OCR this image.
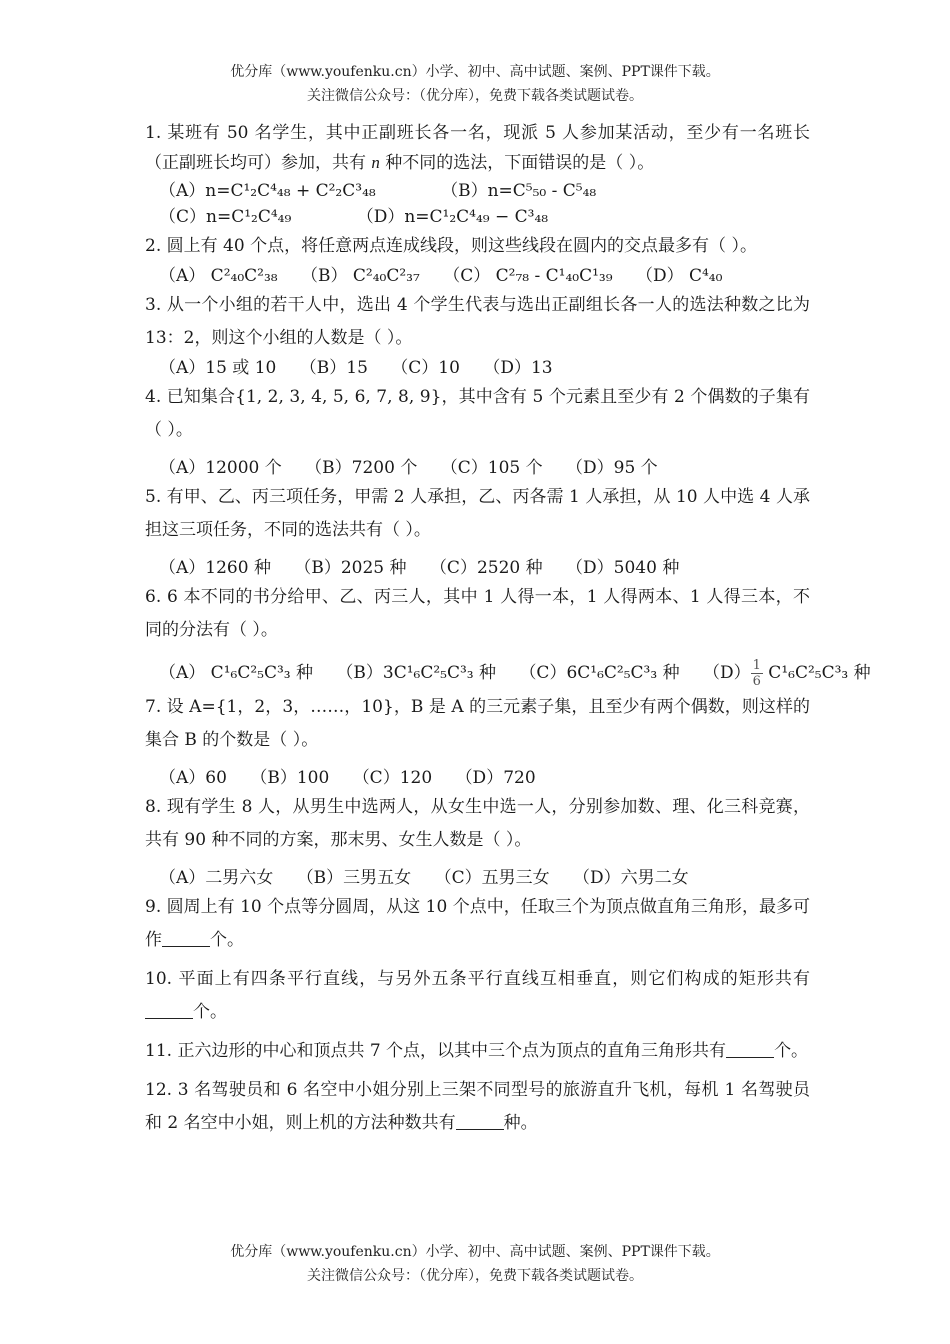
优分库（www.youfenku.cn）小学、初中、高中试题、案例、PPT课件下载。
关注微信公众号：（优分库），免费下载各类试题试卷。

1. 某班有 50 名学生，其中正副班长各一名，现派 5 人参加某活动，至少有一名班长（正副班长均可）参加，共有 n 种不同的选法，下面错误的是（ ）。

（A）n=C¹₂C⁴₄₈ + C²₂C³₄₈	（B）n=C⁵₅₀ - C⁵₄₈
（C）n=C¹₂C⁴₄₉	（D）n=C¹₂C⁴₄₉ − C³₄₈

2. 圆上有 40 个点，将任意两点连成线段，则这些线段在圆内的交点最多有（ ）。

（A） C²₄₀C²₃₈ （B） C²₄₀C²₃₇ （C） C²₇₈ - C¹₄₀C¹₃₉ （D） C⁴₄₀

3. 从一个小组的若干人中，选出 4 个学生代表与选出正副组长各一人的选法种数之比为 13：2，则这个小组的人数是（ ）。

（A）15 或 10 （B）15 （C）10 （D）13

4. 已知集合{1, 2, 3, 4, 5, 6, 7, 8, 9}，其中含有 5 个元素且至少有 2 个偶数的子集有（ ）。

（A）12000 个 （B）7200 个 （C）105 个 （D）95 个

5. 有甲、乙、丙三项任务，甲需 2 人承担，乙、丙各需 1 人承担，从 10 人中选 4 人承担这三项任务，不同的选法共有（ ）。

（A）1260 种 （B）2025 种 （C）2520 种 （D）5040 种

6. 6 本不同的书分给甲、乙、丙三人，其中 1 人得一本，1 人得两本、1 人得三本，不同的分法有（ ）。

（A） C¹₆C²₅C³₃ 种 （B）3C¹₆C²₅C³₃ 种 （C）6C¹₆C²₅C³₃ 种 $(D) \frac{1}{6} C^1_6C^2_5C^3_3$ 种

7. 设 A={1，2，3，……，10}，B 是 A 的三元素子集，且至少有两个偶数，则这样的集合 B 的个数是（ ）。

（A）60 （B）100 （C）120 （D）720

8. 现有学生 8 人，从男生中选两人，从女生中选一人，分别参加数、理、化三科竞赛，共有 90 种不同的方案，那末男、女生人数是（ ）。

（A）二男六女 （B）三男五女 （C）五男三女 （D）六男二女

9. 圆周上有 10 个点等分圆周，从这 10 个点中，任取三个为顶点做直角三角形，最多可作	个。

10. 平面上有四条平行直线，与另外五条平行直线互相垂直，则它们构成的矩形共有个。

11. 正六边形的中心和顶点共 7 个点，以其中三个点为顶点的直角三角形共有	个。

12. 3 名驾驶员和 6 名空中小姐分别上三架不同型号的旅游直升飞机，每机 1 名驾驶员和 2 名空中小姐，则上机的方法种数共有	种。

优分库（www.youfenku.cn）小学、初中、高中试题、案例、PPT课件下载。
关注微信公众号：（优分库），免费下载各类试题试卷。
